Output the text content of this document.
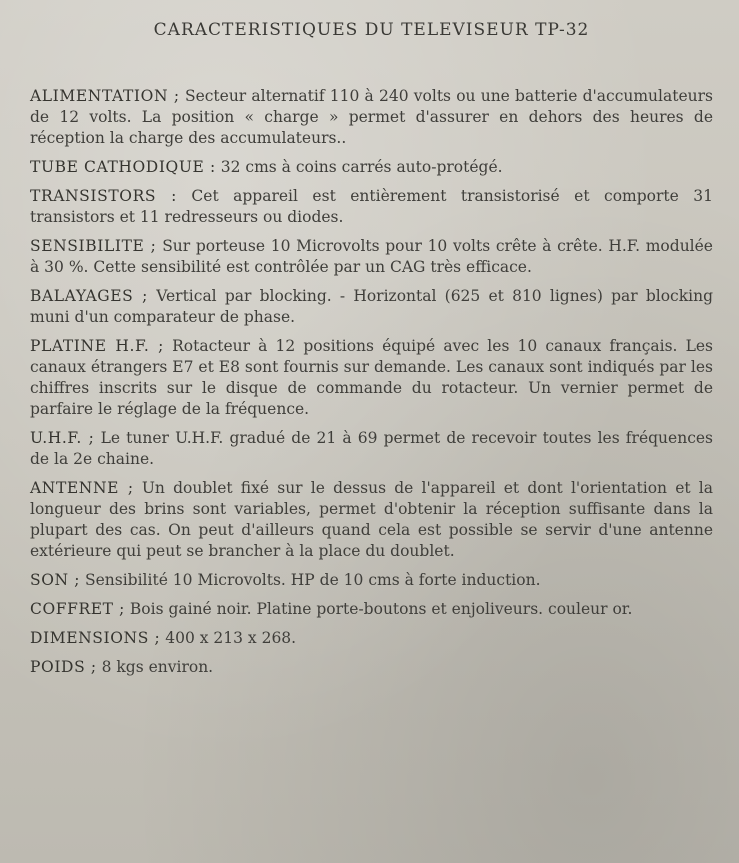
CARACTERISTIQUES DU TELEVISEUR TP-32
ALIMENTATION ; Secteur alternatif 110 à 240 volts ou une batterie d'accumulateurs de 12 volts. La position « charge » permet d'assurer en dehors des heures de réception la charge des accumulateurs..
TUBE CATHODIQUE : 32 cms à coins carrés auto-protégé.
TRANSISTORS : Cet appareil est entièrement transistorisé et comporte 31 transistors et 11 redresseurs ou diodes.
SENSIBILITE ; Sur porteuse 10 Microvolts pour 10 volts crête à crête. H.F. modulée à 30 %. Cette sensibilité est contrôlée par un CAG très efficace.
BALAYAGES ; Vertical par blocking. - Horizontal (625 et 810 lignes) par blocking muni d'un comparateur de phase.
PLATINE H.F. ; Rotacteur à 12 positions équipé avec les 10 canaux français. Les canaux étrangers E7 et E8 sont fournis sur demande. Les canaux sont indiqués par les chiffres inscrits sur le disque de commande du rotacteur. Un vernier permet de parfaire le réglage de la fréquence.
U.H.F. ; Le tuner U.H.F. gradué de 21 à 69 permet de recevoir toutes les fréquences de la 2e chaine.
ANTENNE ; Un doublet fixé sur le dessus de l'appareil et dont l'orientation et la longueur des brins sont variables, permet d'obtenir la réception suffisante dans la plupart des cas. On peut d'ailleurs quand cela est possible se servir d'une antenne extérieure qui peut se brancher à la place du doublet.
SON ; Sensibilité 10 Microvolts. HP de 10 cms à forte induction.
COFFRET ; Bois gainé noir. Platine porte-boutons et enjoliveurs. couleur or.
DIMENSIONS ; 400 x 213 x 268.
POIDS ; 8 kgs environ.
